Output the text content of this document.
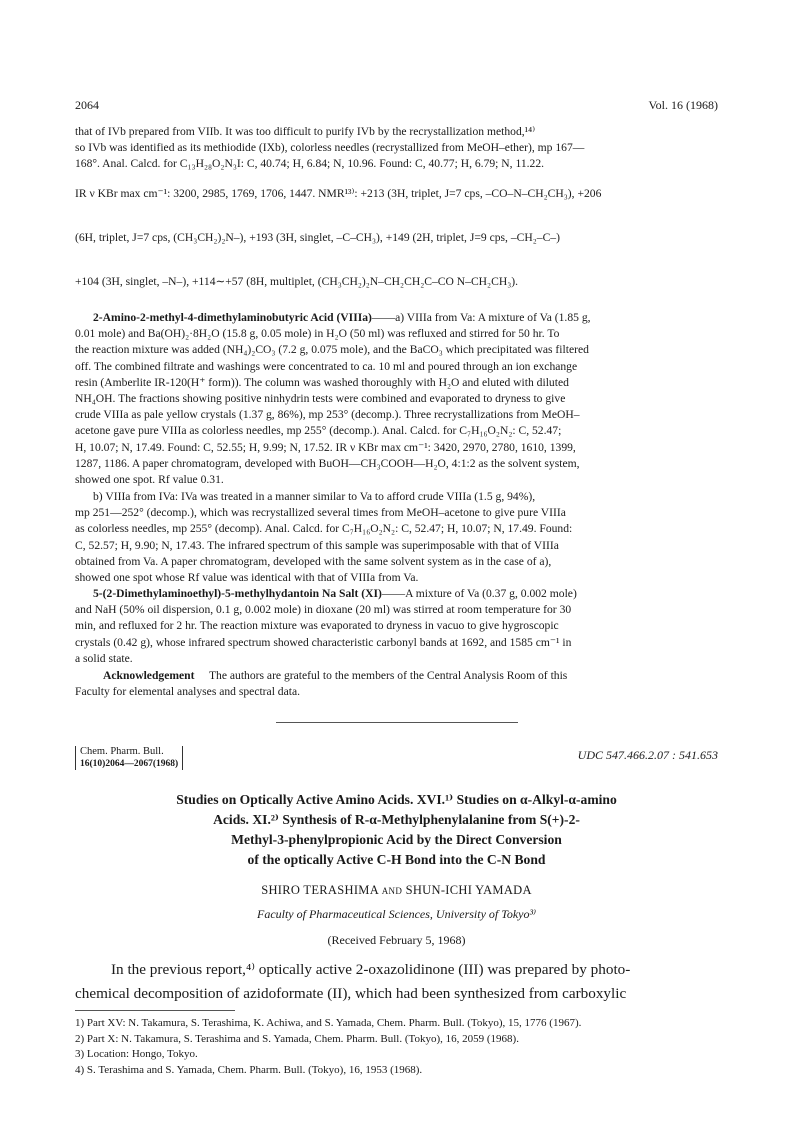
2064	Vol. 16 (1968)
that of IVb prepared from VIIb. It was too difficult to purify IVb by the recrystallization method,¹⁴⁾
so IVb was identified as its methiodide (IXb), colorless needles (recrystallized from MeOH–ether), mp 167—
168°. Anal. Calcd. for C₁₃H₂₈O₂N₃I: C, 40.74; H, 6.84; N, 10.96. Found: C, 40.77; H, 6.79; N, 11.22.
IR ν KBr max cm⁻¹: 3200, 2985, 1769, 1706, 1447. NMR¹³⁾: +213 (3H, triplet, J=7 cps, –CO–N–CH₂CH₃), +206
(6H, triplet, J=7 cps, (CH₃CH₂)₂N–), +193 (3H, singlet, –C–CH₃), +149 (2H, triplet, J=9 cps, –CH₂–C–)
+104 (3H, singlet, –N–), +114∼+57 (8H, multiplet, (CH₃CH₂)₂N–CH₂CH₂C–CO N–CH₂CH₃).
2-Amino-2-methyl-4-dimethylaminobutyric Acid (VIIIa)——a) VIIIa from Va: A mixture of Va (1.85 g,
0.01 mole) and Ba(OH)₂·8H₂O (15.8 g, 0.05 mole) in H₂O (50 ml) was refluxed and stirred for 50 hr. To
the reaction mixture was added (NH₄)₂CO₃ (7.2 g, 0.075 mole), and the BaCO₃ which precipitated was filtered
off. The combined filtrate and washings were concentrated to ca. 10 ml and poured through an ion exchange
resin (Amberlite IR-120(H⁺ form)). The column was washed thoroughly with H₂O and eluted with diluted
NH₄OH. The fractions showing positive ninhydrin tests were combined and evaporated to dryness to give
crude VIIIa as pale yellow crystals (1.37 g, 86%), mp 253° (decomp.). Three recrystallizations from MeOH–
acetone gave pure VIIIa as colorless needles, mp 255° (decomp.). Anal. Calcd. for C₇H₁₆O₂N₂: C, 52.47;
H, 10.07; N, 17.49. Found: C, 52.55; H, 9.99; N, 17.52. IR ν KBr max cm⁻¹: 3420, 2970, 2780, 1610, 1399,
1287, 1186. A paper chromatogram, developed with BuOH—CH₃COOH—H₂O, 4:1:2 as the solvent system,
showed one spot. Rf value 0.31.
b) VIIIa from IVa: IVa was treated in a manner similar to Va to afford crude VIIIa (1.5 g, 94%),
mp 251—252° (decomp.), which was recrystallized several times from MeOH–acetone to give pure VIIIa
as colorless needles, mp 255° (decomp). Anal. Calcd. for C₇H₁₆O₂N₂: C, 52.47; H, 10.07; N, 17.49. Found:
C, 52.57; H, 9.90; N, 17.43. The infrared spectrum of this sample was superimposable with that of VIIIa
obtained from Va. A paper chromatogram, developed with the same solvent system as in the case of a),
showed one spot whose Rf value was identical with that of VIIIa from Va.
5-(2-Dimethylaminoethyl)-5-methylhydantoin Na Salt (XI)——A mixture of Va (0.37 g, 0.002 mole)
and NaH (50% oil dispersion, 0.1 g, 0.002 mole) in dioxane (20 ml) was stirred at room temperature for 30
min, and refluxed for 2 hr. The reaction mixture was evaporated to dryness in vacuo to give hygroscopic
crystals (0.42 g), whose infrared spectrum showed characteristic carbonyl bands at 1692, and 1585 cm⁻¹ in
a solid state.
Acknowledgement The authors are grateful to the members of the Central Analysis Room of this
Faculty for elemental analyses and spectral data.
Chem. Pharm. Bull.
16(10)2064—2067(1968)
UDC 547.466.2.07 : 541.653
Studies on Optically Active Amino Acids. XVI.¹⁾ Studies on α-Alkyl-α-amino
Acids. XI.²⁾ Synthesis of R-α-Methylphenylalanine from S(+)-2-
Methyl-3-phenylpropionic Acid by the Direct Conversion
of the optically Active C-H Bond into the C-N Bond
SHIRO TERASHIMA and SHUN-ICHI YAMADA
Faculty of Pharmaceutical Sciences, University of Tokyo³⁾
(Received February 5, 1968)
In the previous report,⁴⁾ optically active 2-oxazolidinone (III) was prepared by photo-
chemical decomposition of azidoformate (II), which had been synthesized from carboxylic
1) Part XV: N. Takamura, S. Terashima, K. Achiwa, and S. Yamada, Chem. Pharm. Bull. (Tokyo), 15, 1776 (1967).
2) Part X: N. Takamura, S. Terashima and S. Yamada, Chem. Pharm. Bull. (Tokyo), 16, 2059 (1968).
3) Location: Hongo, Tokyo.
4) S. Terashima and S. Yamada, Chem. Pharm. Bull. (Tokyo), 16, 1953 (1968).
